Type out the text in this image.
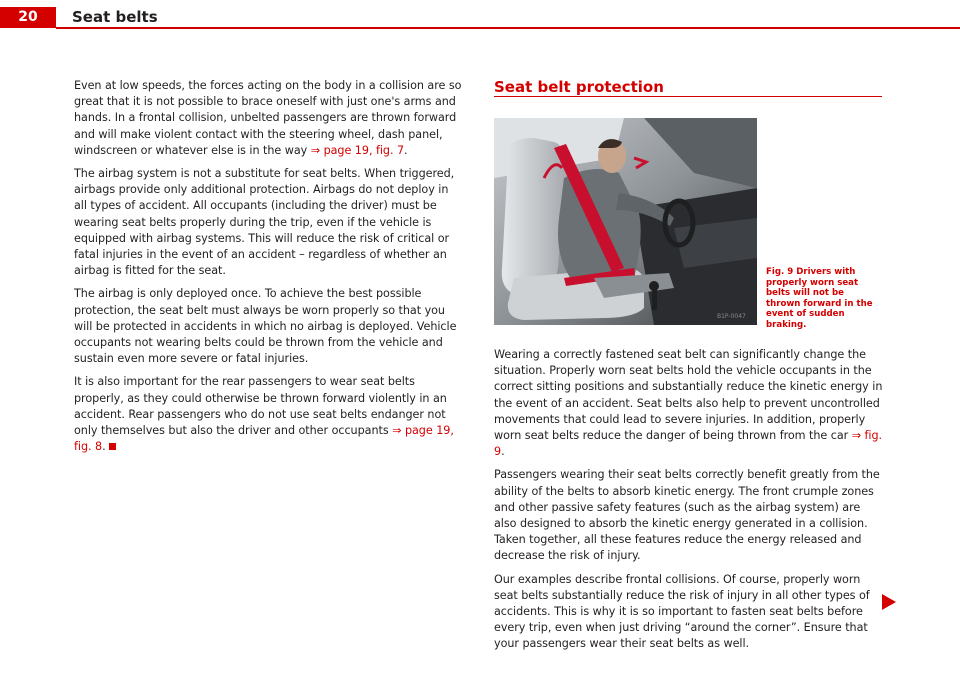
20	Seat belts

Even at low speeds, the forces acting on the body in a collision are so great that it is not possible to brace oneself with just one's arms and hands. In a frontal collision, unbelted passengers are thrown forward and will make violent contact with the steering wheel, dash panel, windscreen or whatever else is in the way ⇒ page 19, fig. 7.

The airbag system is not a substitute for seat belts. When triggered, airbags provide only additional protection. Airbags do not deploy in all types of accident. All occupants (including the driver) must be wearing seat belts properly during the trip, even if the vehicle is equipped with airbag systems. This will reduce the risk of critical or fatal injuries in the event of an accident – regardless of whether an airbag is fitted for the seat.

The airbag is only deployed once. To achieve the best possible protection, the seat belt must always be worn properly so that you will be protected in accidents in which no airbag is deployed. Vehicle occupants not wearing belts could be thrown from the vehicle and sustain even more severe or fatal injuries.

It is also important for the rear passengers to wear seat belts properly, as they could otherwise be thrown forward violently in an accident. Rear passengers who do not use seat belts endanger not only themselves but also the driver and other occupants ⇒ page 19, fig. 8.

Seat belt protection
B1P-0047
Fig. 9 Drivers with properly worn seat belts will not be thrown forward in the event of sudden braking.

Wearing a correctly fastened seat belt can significantly change the situation. Properly worn seat belts hold the vehicle occupants in the correct sitting positions and substantially reduce the kinetic energy in the event of an accident. Seat belts also help to prevent uncontrolled movements that could lead to severe injuries. In addition, properly worn seat belts reduce the danger of being thrown from the car ⇒ fig. 9.

Passengers wearing their seat belts correctly benefit greatly from the ability of the belts to absorb kinetic energy. The front crumple zones and other passive safety features (such as the airbag system) are also designed to absorb the kinetic energy generated in a collision. Taken together, all these features reduce the energy released and decrease the risk of injury.

Our examples describe frontal collisions. Of course, properly worn seat belts substantially reduce the risk of injury in all other types of accidents. This is why it is so important to fasten seat belts before every trip, even when just driving “around the corner”. Ensure that your passengers wear their seat belts as well.
